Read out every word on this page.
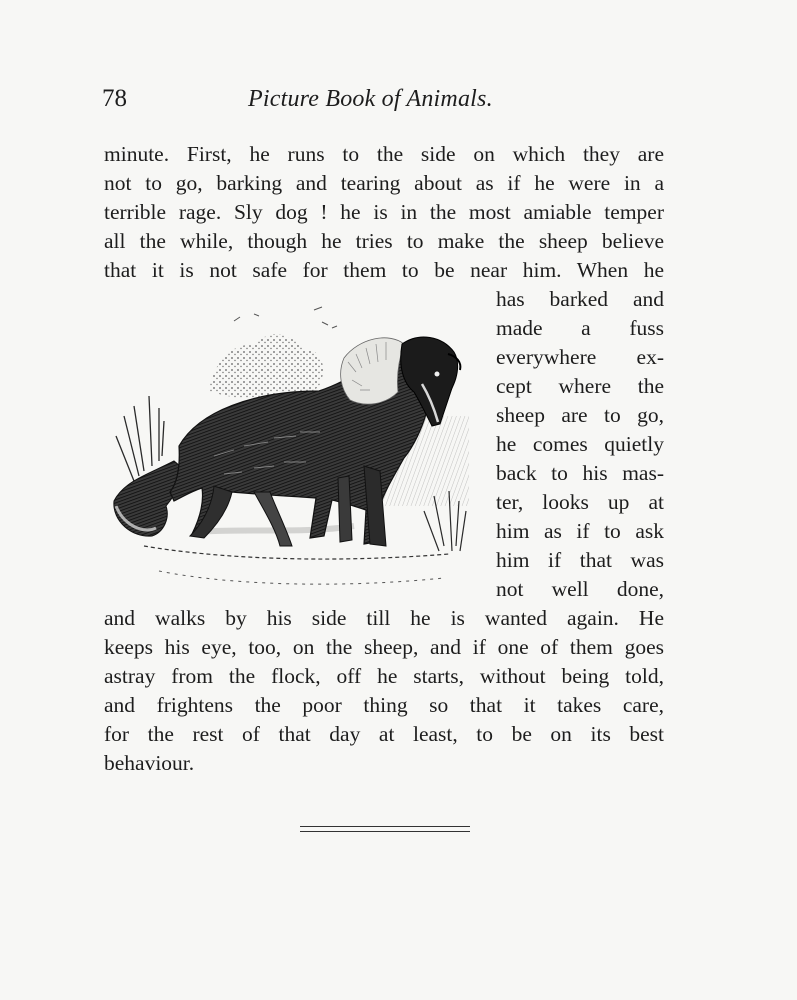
78	Picture Book of Animals.
minute. First, he runs to the side on which they are
not to go, barking and tearing about as if he were in a
terrible rage. Sly dog ! he is in the most amiable temper
all the while, though he tries to make the sheep believe
that it is not safe for them to be near him. When he
has barked and
made a fuss
everywhere ex-
cept where the
sheep are to go,
he comes quietly
back to his mas-
ter, looks up at
him as if to ask
him if that was
not well done,
and walks by his side till he is wanted again. He
keeps his eye, too, on the sheep, and if one of them goes
astray from the flock, off he starts, without being told,
and frightens the poor thing so that it takes care,
for the rest of that day at least, to be on its best
behaviour.
